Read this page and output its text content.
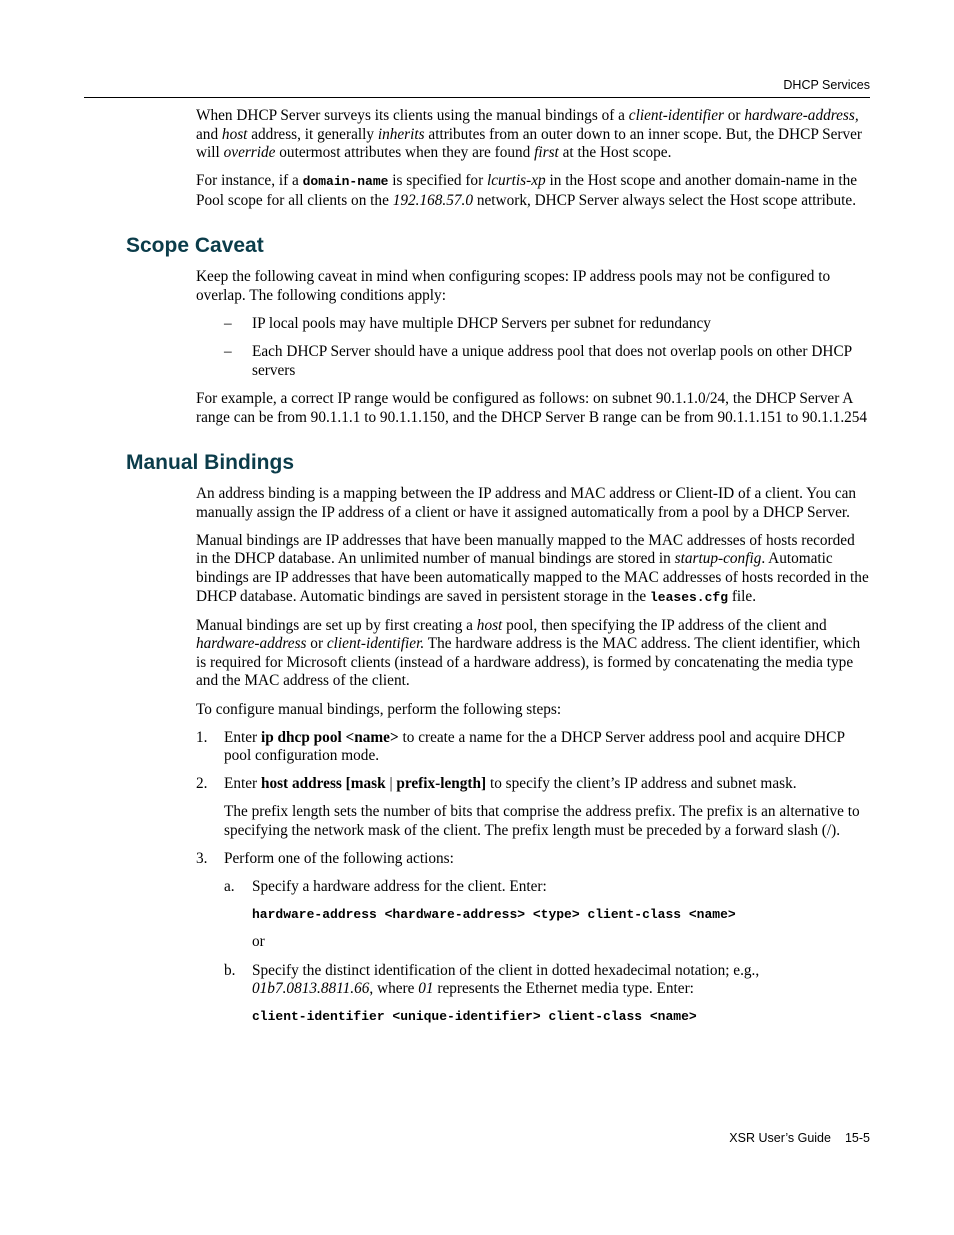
DHCP Services

When DHCP Server surveys its clients using the manual bindings of a client-identifier or hardware-address, and host address, it generally inherits attributes from an outer down to an inner scope. But, the DHCP Server will override outermost attributes when they are found first at the Host scope.

For instance, if a domain-name is specified for lcurtis-xp in the Host scope and another domain-name in the Pool scope for all clients on the 192.168.57.0 network, DHCP Server always select the Host scope attribute.

Scope Caveat

Keep the following caveat in mind when configuring scopes: IP address pools may not be configured to overlap. The following conditions apply:

– IP local pools may have multiple DHCP Servers per subnet for redundancy
– Each DHCP Server should have a unique address pool that does not overlap pools on other DHCP servers

For example, a correct IP range would be configured as follows: on subnet 90.1.1.0/24, the DHCP Server A range can be from 90.1.1.1 to 90.1.1.150, and the DHCP Server B range can be from 90.1.1.151 to 90.1.1.254

Manual Bindings

An address binding is a mapping between the IP address and MAC address or Client-ID of a client. You can manually assign the IP address of a client or have it assigned automatically from a pool by a DHCP Server.

Manual bindings are IP addresses that have been manually mapped to the MAC addresses of hosts recorded in the DHCP database. An unlimited number of manual bindings are stored in startup-config. Automatic bindings are IP addresses that have been automatically mapped to the MAC addresses of hosts recorded in the DHCP database. Automatic bindings are saved in persistent storage in the leases.cfg file.

Manual bindings are set up by first creating a host pool, then specifying the IP address of the client and hardware-address or client-identifier. The hardware address is the MAC address. The client identifier, which is required for Microsoft clients (instead of a hardware address), is formed by concatenating the media type and the MAC address of the client.

To configure manual bindings, perform the following steps:

1. Enter ip dhcp pool <name> to create a name for the a DHCP Server address pool and acquire DHCP pool configuration mode.

2. Enter host address [mask | prefix-length] to specify the client’s IP address and subnet mask.

The prefix length sets the number of bits that comprise the address prefix. The prefix is an alternative to specifying the network mask of the client. The prefix length must be preceded by a forward slash (/).

3. Perform one of the following actions:

a. Specify a hardware address for the client. Enter:
hardware-address <hardware-address> <type> client-class <name>
or
b. Specify the distinct identification of the client in dotted hexadecimal notation; e.g., 01b7.0813.8811.66, where 01 represents the Ethernet media type. Enter:
client-identifier <unique-identifier> client-class <name>
XSR User’s Guide 15-5
